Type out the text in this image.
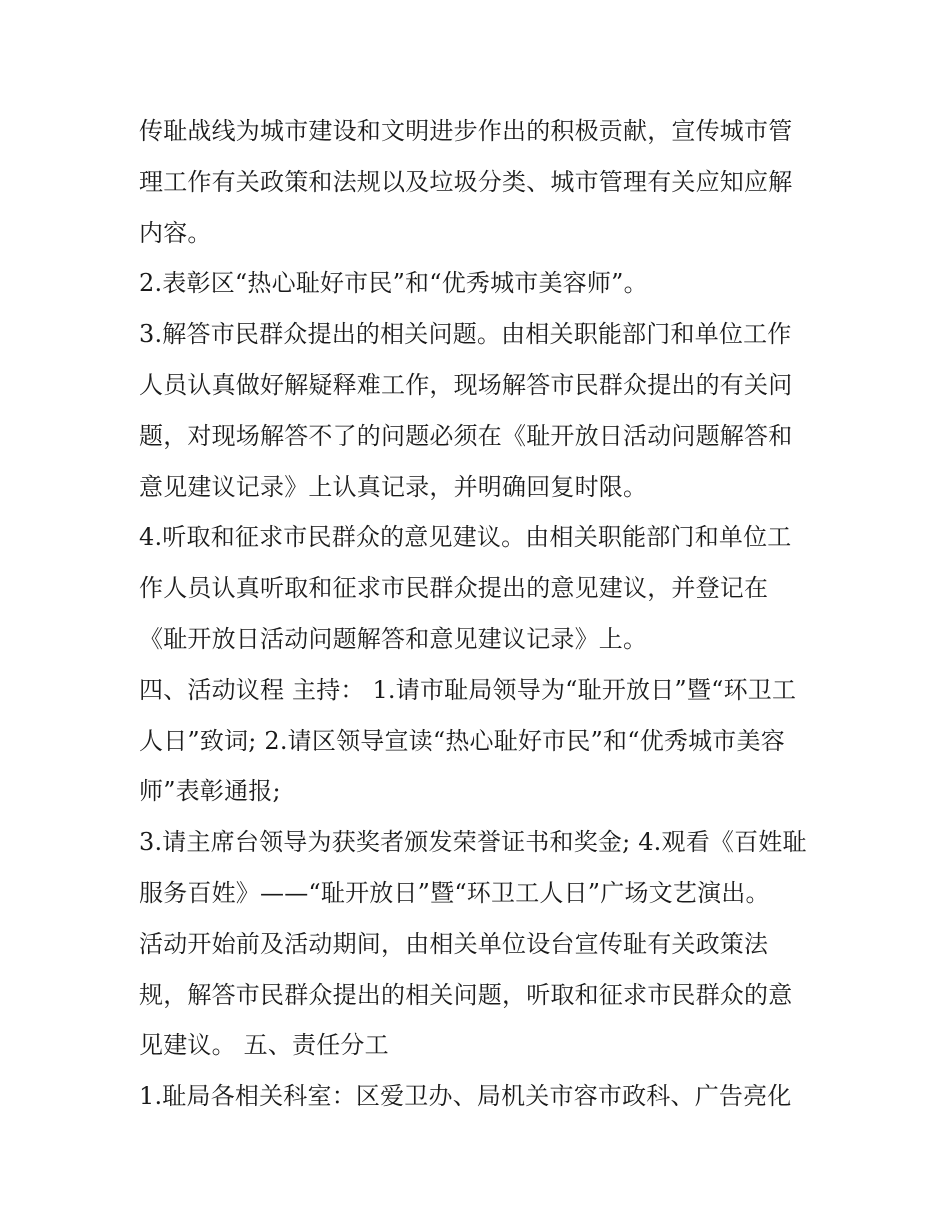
传耻战线为城市建设和文明进步作出的积极贡献，宣传城市管
理工作有关政策和法规以及垃圾分类、城市管理有关应知应解
内容。
2.表彰区“热心耻好市民”和“优秀城市美容师”。
3.解答市民群众提出的相关问题。由相关职能部门和单位工作
人员认真做好解疑释难工作，现场解答市民群众提出的有关问
题，对现场解答不了的问题必须在《耻开放日活动问题解答和
意见建议记录》上认真记录，并明确回复时限。
4.听取和征求市民群众的意见建议。由相关职能部门和单位工
作人员认真听取和征求市民群众提出的意见建议，并登记在
《耻开放日活动问题解答和意见建议记录》上。
四、活动议程 主持： 1.请市耻局领导为“耻开放日”暨“环卫工
人日”致词; 2.请区领导宣读“热心耻好市民”和“优秀城市美容
师”表彰通报;
3.请主席台领导为获奖者颁发荣誉证书和奖金; 4.观看《百姓耻
服务百姓》——“耻开放日”暨“环卫工人日”广场文艺演出。
活动开始前及活动期间，由相关单位设台宣传耻有关政策法
规，解答市民群众提出的相关问题，听取和征求市民群众的意
见建议。 五、责任分工
1.耻局各相关科室：区爱卫办、局机关市容市政科、广告亮化
